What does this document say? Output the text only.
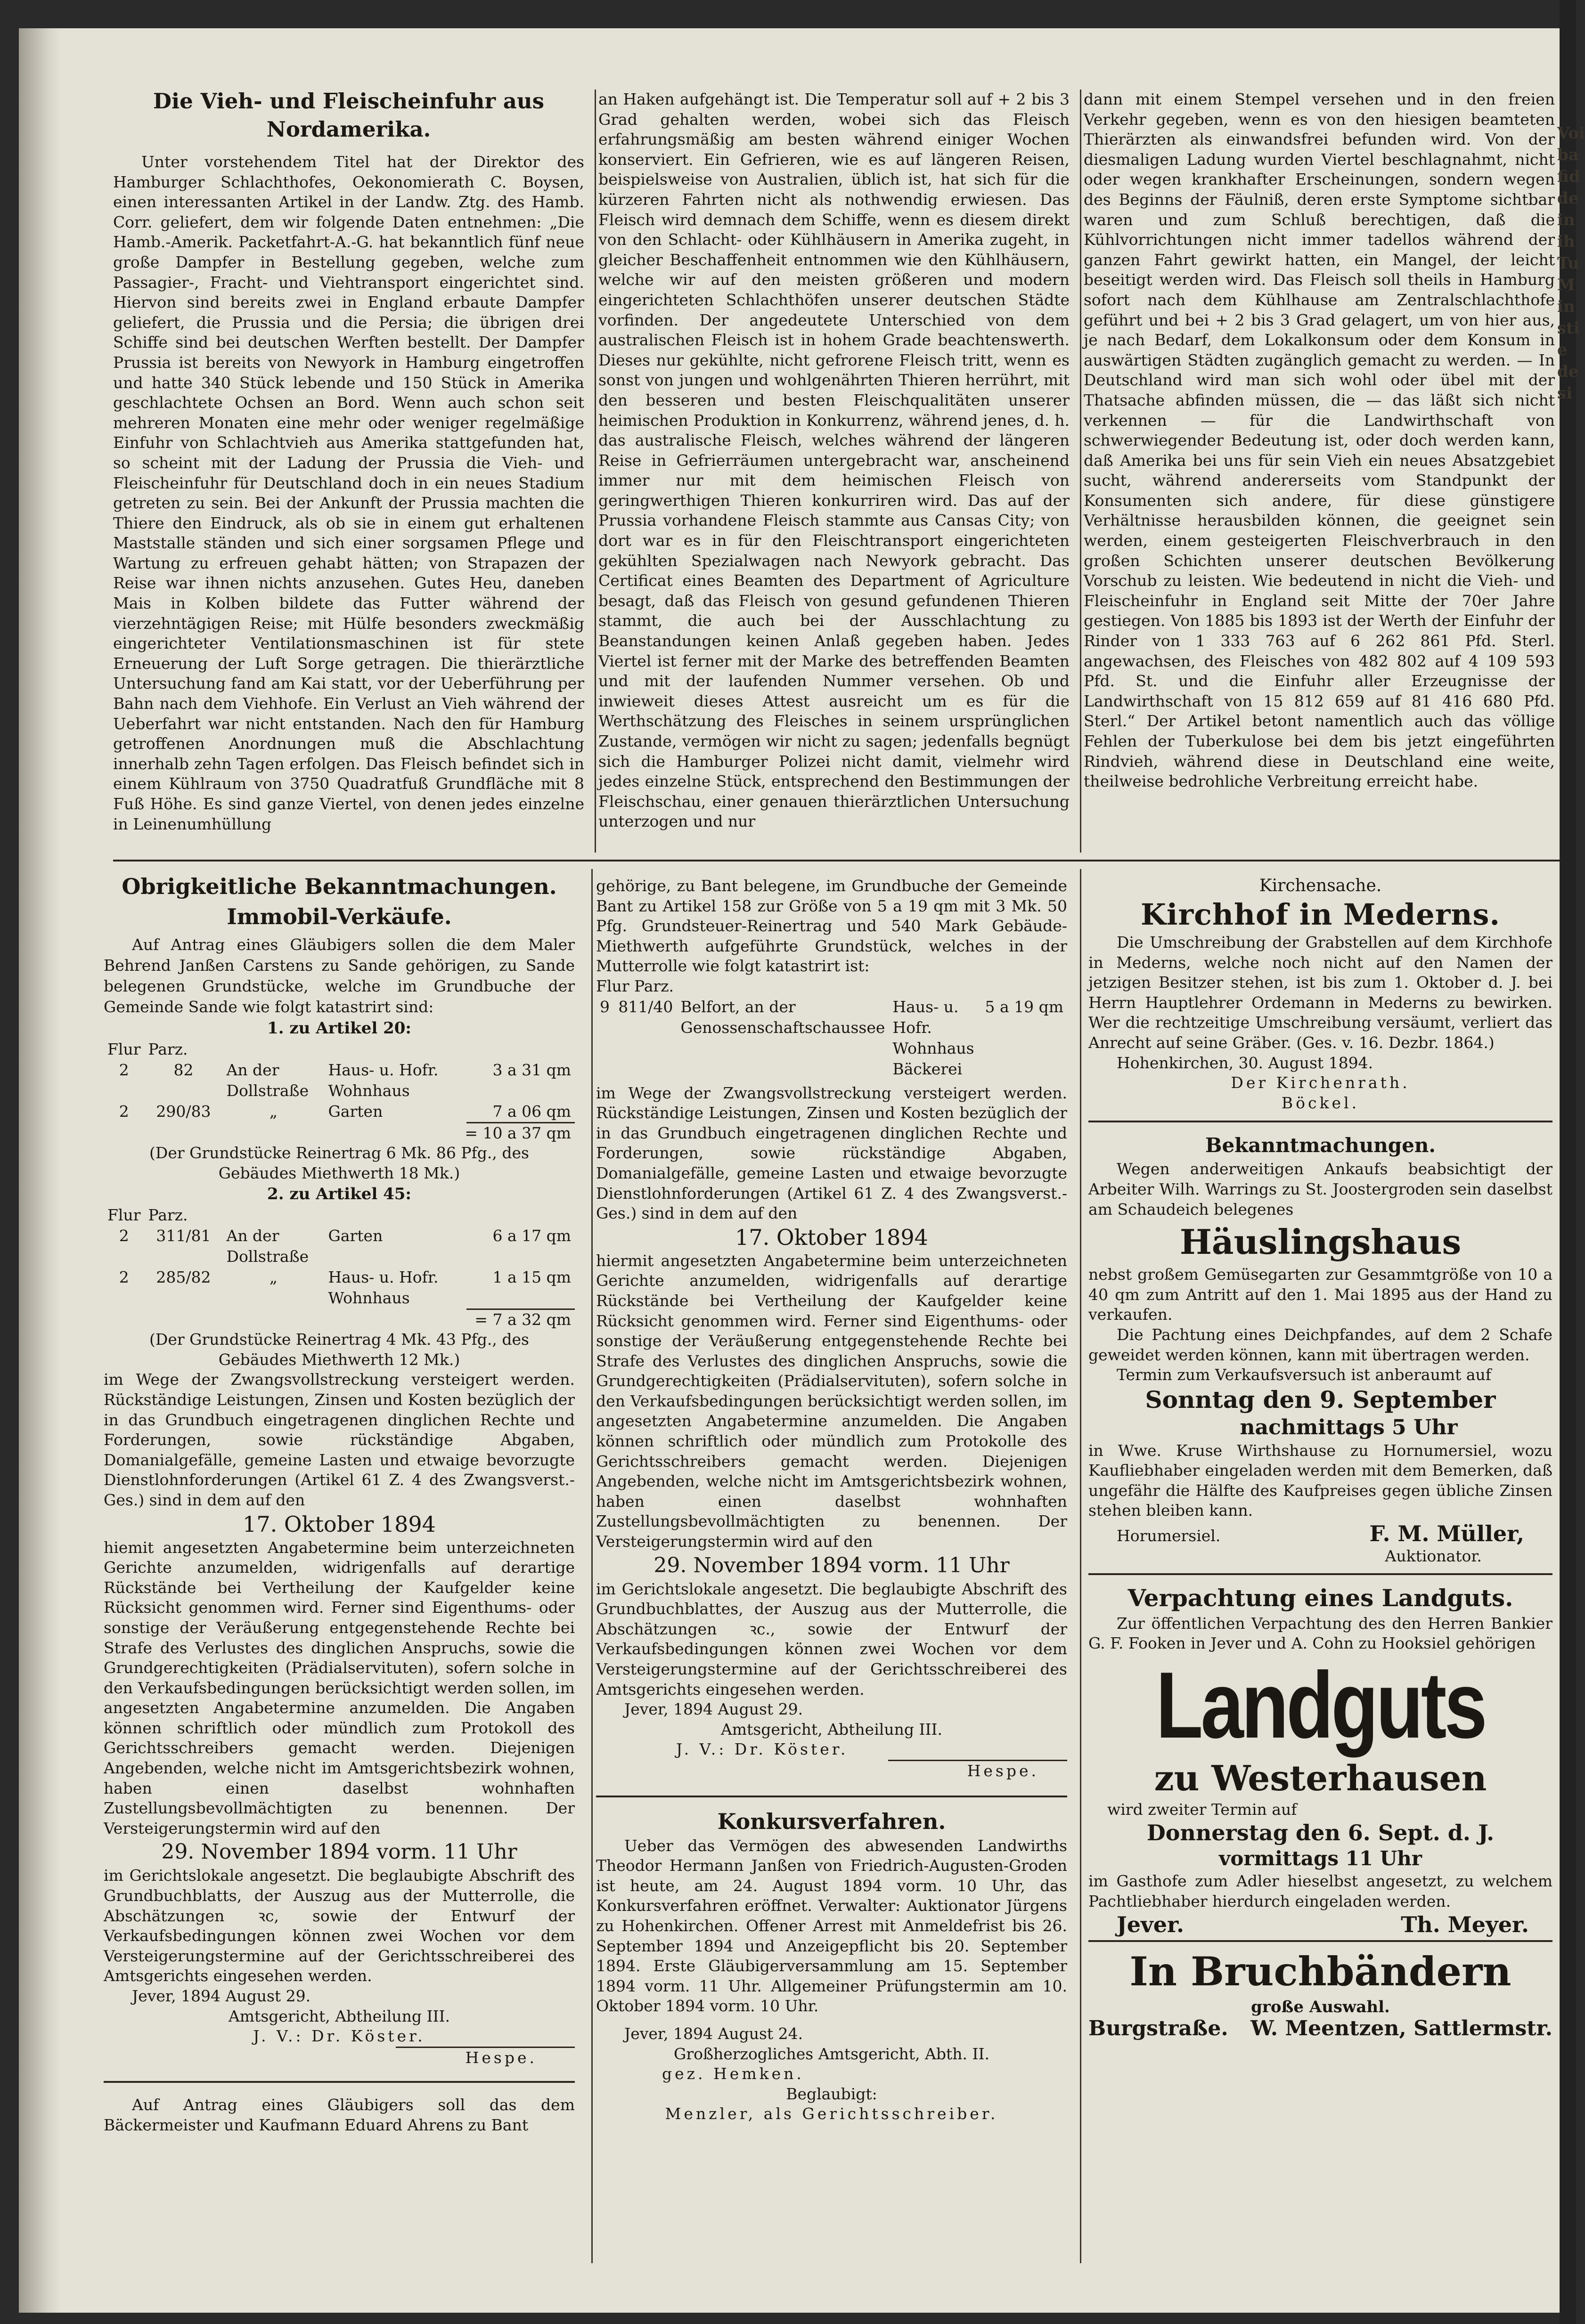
Die Vieh- und Fleischeinfuhr aus Nordamerika.

Unter vorstehendem Titel hat der Direktor des Hamburger Schlachthofes, Oekonomierath C. Boysen, einen interessanten Artikel in der Landw. Ztg. des Hamb. Corr. geliefert, dem wir folgende Daten entnehmen: „Die Hamb.-Amerik. Packetfahrt-A.-G. hat bekanntlich fünf neue große Dampfer in Bestellung gegeben, welche zum Passagier-, Fracht- und Viehtransport eingerichtet sind. Hiervon sind bereits zwei in England erbaute Dampfer geliefert, die Prussia und die Persia; die übrigen drei Schiffe sind bei deutschen Werften bestellt. Der Dampfer Prussia ist bereits von Newyork in Hamburg eingetroffen und hatte 340 Stück lebende und 150 Stück in Amerika geschlachtete Ochsen an Bord. Wenn auch schon seit mehreren Monaten eine mehr oder weniger regelmäßige Einfuhr von Schlachtvieh aus Amerika stattgefunden hat, so scheint mit der Ladung der Prussia die Vieh- und Fleischeinfuhr für Deutschland doch in ein neues Stadium getreten zu sein. Bei der Ankunft der Prussia machten die Thiere den Eindruck, als ob sie in einem gut erhaltenen Maststalle ständen und sich einer sorgsamen Pflege und Wartung zu erfreuen gehabt hätten; von Strapazen der Reise war ihnen nichts anzusehen. Gutes Heu, daneben Mais in Kolben bildete das Futter während der vierzehntägigen Reise; mit Hülfe besonders zweckmäßig eingerichteter Ventilationsmaschinen ist für stete Erneuerung der Luft Sorge getragen. Die thierärztliche Untersuchung fand am Kai statt, vor der Ueberführung per Bahn nach dem Viehhofe. Ein Verlust an Vieh während der Ueberfahrt war nicht entstanden. Nach den für Hamburg getroffenen Anordnungen muß die Abschlachtung innerhalb zehn Tagen erfolgen. Das Fleisch befindet sich in einem Kühlraum von 3750 Quadratfuß Grundfläche mit 8 Fuß Höhe. Es sind ganze Viertel, von denen jedes einzelne in Leinenumhüllung

an Haken aufgehängt ist. Die Temperatur soll auf + 2 bis 3 Grad gehalten werden, wobei sich das Fleisch erfahrungsmäßig am besten während einiger Wochen konserviert. Ein Gefrieren, wie es auf längeren Reisen, beispielsweise von Australien, üblich ist, hat sich für die kürzeren Fahrten nicht als nothwendig erwiesen. Das Fleisch wird demnach dem Schiffe, wenn es diesem direkt von den Schlacht- oder Kühlhäusern in Amerika zugeht, in gleicher Beschaffenheit entnommen wie den Kühlhäusern, welche wir auf den meisten größeren und modern eingerichteten Schlachthöfen unserer deutschen Städte vorfinden. Der angedeutete Unterschied von dem australischen Fleisch ist in hohem Grade beachtenswerth. Dieses nur gekühlte, nicht gefrorene Fleisch tritt, wenn es sonst von jungen und wohlgenährten Thieren herrührt, mit den besseren und besten Fleischqualitäten unserer heimischen Produktion in Konkurrenz, während jenes, d. h. das australische Fleisch, welches während der längeren Reise in Gefrierräumen untergebracht war, anscheinend immer nur mit dem heimischen Fleisch von geringwerthigen Thieren konkurriren wird. Das auf der Prussia vorhandene Fleisch stammte aus Cansas City; von dort war es in für den Fleischtransport eingerichteten gekühlten Spezialwagen nach Newyork gebracht. Das Certificat eines Beamten des Department of Agriculture besagt, daß das Fleisch von gesund gefundenen Thieren stammt, die auch bei der Ausschlachtung zu Beanstandungen keinen Anlaß gegeben haben. Jedes Viertel ist ferner mit der Marke des betreffenden Beamten und mit der laufenden Nummer versehen. Ob und inwieweit dieses Attest ausreicht um es für die Werthschätzung des Fleisches in seinem ursprünglichen Zustande, vermögen wir nicht zu sagen; jedenfalls begnügt sich die Hamburger Polizei nicht damit, vielmehr wird jedes einzelne Stück, entsprechend den Bestimmungen der Fleischschau, einer genauen thierärztlichen Untersuchung unterzogen und nur

dann mit einem Stempel versehen und in den freien Verkehr gegeben, wenn es von den hiesigen beamteten Thierärzten als einwandsfrei befunden wird. Von der diesmaligen Ladung wurden Viertel beschlagnahmt, nicht oder wegen krankhafter Erscheinungen, sondern wegen des Beginns der Fäulniß, deren erste Symptome sichtbar waren und zum Schluß berechtigen, daß die Kühlvorrichtungen nicht immer tadellos während der ganzen Fahrt gewirkt hatten, ein Mangel, der leicht beseitigt werden wird. Das Fleisch soll theils in Hamburg sofort nach dem Kühlhause am Zentralschlachthofe geführt und bei + 2 bis 3 Grad gelagert, um von hier aus, je nach Bedarf, dem Lokalkonsum oder dem Konsum in auswärtigen Städten zugänglich gemacht zu werden. — In Deutschland wird man sich wohl oder übel mit der Thatsache abfinden müssen, die — das läßt sich nicht verkennen — für die Landwirthschaft von schwerwiegender Bedeutung ist, oder doch werden kann, daß Amerika bei uns für sein Vieh ein neues Absatzgebiet sucht, während andererseits vom Standpunkt der Konsumenten sich andere, für diese günstigere Verhältnisse herausbilden können, die geeignet sein werden, einem gesteigerten Fleischverbrauch in den großen Schichten unserer deutschen Bevölkerung Vorschub zu leisten. Wie bedeutend in nicht die Vieh- und Fleischeinfuhr in England seit Mitte der 70er Jahre gestiegen. Von 1885 bis 1893 ist der Werth der Einfuhr der Rinder von 1 333 763 auf 6 262 861 Pfd. Sterl. angewachsen, des Fleisches von 482 802 auf 4 109 593 Pfd. St. und die Einfuhr aller Erzeugnisse der Landwirthschaft von 15 812 659 auf 81 416 680 Pfd. Sterl.“ Der Artikel betont namentlich auch das völlige Fehlen der Tuberkulose bei dem bis jetzt eingeführten Rindvieh, während diese in Deutschland eine weite, theilweise bedrohliche Verbreitung erreicht habe.

Voi
ba
fid
de
in
ih
Tu
M
in
sti
e
de
si

Obrigkeitliche Bekanntmachungen.

Immobil-Verkäufe.

Auf Antrag eines Gläubigers sollen die dem Maler Behrend Janßen Carstens zu Sande gehörigen, zu Sande belegenen Grundstücke, welche im Grundbuche der Gemeinde Sande wie folgt katastrirt sind:

1. zu Artikel 20:

Flur	Parz.			
2	82	An der Dollstraße	Haus- u. Hofr. Wohnhaus	3 a 31 qm
2	290/83	„	Garten	7 a 06 qm

= 10 a 37 qm

(Der Grundstücke Reinertrag 6 Mk. 86 Pfg., des Gebäudes Miethwerth 18 Mk.)

2. zu Artikel 45:

Flur	Parz.			
2	311/81	An der Dollstraße	Garten	6 a 17 qm
2	285/82	„	Haus- u. Hofr. Wohnhaus	1 a 15 qm

= 7 a 32 qm

(Der Grundstücke Reinertrag 4 Mk. 43 Pfg., des Gebäudes Miethwerth 12 Mk.)

im Wege der Zwangsvollstreckung versteigert werden. Rückständige Leistungen, Zinsen und Kosten bezüglich der in das Grundbuch eingetragenen dinglichen Rechte und Forderungen, sowie rückständige Abgaben, Domanialgefälle, gemeine Lasten und etwaige bevorzugte Dienstlohnforderungen (Artikel 61 Z. 4 des Zwangsverst.-Ges.) sind in dem auf den

17. Oktober 1894

hiemit angesetzten Angabetermine beim unterzeichneten Gerichte anzumelden, widrigenfalls auf derartige Rückstände bei Vertheilung der Kaufgelder keine Rücksicht genommen wird. Ferner sind Eigenthums- oder sonstige der Veräußerung entgegenstehende Rechte bei Strafe des Verlustes des dinglichen Anspruchs, sowie die Grundgerechtigkeiten (Prädialservituten), sofern solche in den Verkaufsbedingungen berücksichtigt werden sollen, im angesetzten Angabetermine anzumelden. Die Angaben können schriftlich oder mündlich zum Protokoll des Gerichtsschreibers gemacht werden. Diejenigen Angebenden, welche nicht im Amtsgerichtsbezirk wohnen, haben einen daselbst wohnhaften Zustellungsbevollmächtigten zu benennen. Der Versteigerungstermin wird auf den

29. November 1894 vorm. 11 Uhr

im Gerichtslokale angesetzt. Die beglaubigte Abschrift des Grundbuchblatts, der Auszug aus der Mutterrolle, die Abschätzungen ꝛc, sowie der Entwurf der Verkaufsbedingungen können zwei Wochen vor dem Versteigerungstermine auf der Gerichtsschreiberei des Amtsgerichts eingesehen werden.

Jever, 1894 August 29.

Amtsgericht, Abtheilung III.

J. V.: Dr. Köster.

Hespe.

Auf Antrag eines Gläubigers soll das dem Bäckermeister und Kaufmann Eduard Ahrens zu Bant

gehörige, zu Bant belegene, im Grundbuche der Gemeinde Bant zu Artikel 158 zur Größe von 5 a 19 qm mit 3 Mk. 50 Pfg. Grundsteuer-Reinertrag und 540 Mark Gebäude-Miethwerth aufgeführte Grundstück, welches in der Mutterrolle wie folgt katastrirt ist:

Flur Parz.

9	811/40	Belfort, an der Genossenschaftschaussee	Haus- u. Hofr. Wohnhaus Bäckerei	5 a 19 qm

im Wege der Zwangsvollstreckung versteigert werden. Rückständige Leistungen, Zinsen und Kosten bezüglich der in das Grundbuch eingetragenen dinglichen Rechte und Forderungen, sowie rückständige Abgaben, Domanialgefälle, gemeine Lasten und etwaige bevorzugte Dienstlohnforderungen (Artikel 61 Z. 4 des Zwangsverst.-Ges.) sind in dem auf den

17. Oktober 1894

hiermit angesetzten Angabetermine beim unterzeichneten Gerichte anzumelden, widrigenfalls auf derartige Rückstände bei Vertheilung der Kaufgelder keine Rücksicht genommen wird. Ferner sind Eigenthums- oder sonstige der Veräußerung entgegenstehende Rechte bei Strafe des Verlustes des dinglichen Anspruchs, sowie die Grundgerechtigkeiten (Prädialservituten), sofern solche in den Verkaufsbedingungen berücksichtigt werden sollen, im angesetzten Angabetermine anzumelden. Die Angaben können schriftlich oder mündlich zum Protokolle des Gerichtsschreibers gemacht werden. Diejenigen Angebenden, welche nicht im Amtsgerichtsbezirk wohnen, haben einen daselbst wohnhaften Zustellungsbevollmächtigten zu benennen. Der Versteigerungstermin wird auf den

29. November 1894 vorm. 11 Uhr

im Gerichtslokale angesetzt. Die beglaubigte Abschrift des Grundbuchblattes, der Auszug aus der Mutterrolle, die Abschätzungen ꝛc., sowie der Entwurf der Verkaufsbedingungen können zwei Wochen vor dem Versteigerungstermine auf der Gerichtsschreiberei des Amtsgerichts eingesehen werden.

Jever, 1894 August 29.

Amtsgericht, Abtheilung III.

J. V.: Dr. Köster.

Hespe.

Konkursverfahren.

Ueber das Vermögen des abwesenden Landwirths Theodor Hermann Janßen von Friedrich-Augusten-Groden ist heute, am 24. August 1894 vorm. 10 Uhr, das Konkursverfahren eröffnet. Verwalter: Auktionator Jürgens zu Hohenkirchen. Offener Arrest mit Anmeldefrist bis 26. September 1894 und Anzeigepflicht bis 20. September 1894. Erste Gläubigerversammlung am 15. September 1894 vorm. 11 Uhr. Allgemeiner Prüfungstermin am 10. Oktober 1894 vorm. 10 Uhr.

Jever, 1894 August 24.

Großherzogliches Amtsgericht, Abth. II.

gez. Hemken.

Beglaubigt:

Menzler, als Gerichtsschreiber.

Kirchensache.

Kirchhof in Mederns.

Die Umschreibung der Grabstellen auf dem Kirchhofe in Mederns, welche noch nicht auf den Namen der jetzigen Besitzer stehen, ist bis zum 1. Oktober d. J. bei Herrn Hauptlehrer Ordemann in Mederns zu bewirken. Wer die rechtzeitige Umschreibung versäumt, verliert das Anrecht auf seine Gräber. (Ges. v. 16. Dezbr. 1864.)

Hohenkirchen, 30. August 1894.

Der Kirchenrath.

Böckel.

Bekanntmachungen.

Wegen anderweitigen Ankaufs beabsichtigt der Arbeiter Wilh. Warrings zu St. Joostergroden sein daselbst am Schaudeich belegenes

Häuslingshaus

nebst großem Gemüsegarten zur Gesammtgröße von 10 a 40 qm zum Antritt auf den 1. Mai 1895 aus der Hand zu verkaufen.

Die Pachtung eines Deichpfandes, auf dem 2 Schafe geweidet werden können, kann mit übertragen werden.

Termin zum Verkaufsversuch ist anberaumt auf

Sonntag den 9. September

nachmittags 5 Uhr

in Wwe. Kruse Wirthshause zu Hornumersiel, wozu Kaufliebhaber eingeladen werden mit dem Bemerken, daß ungefähr die Hälfte des Kaufpreises gegen übliche Zinsen stehen bleiben kann.

Horumersiel.	F. M. Müller,

Auktionator.

Verpachtung eines Landguts.

Zur öffentlichen Verpachtung des den Herren Bankier G. F. Fooken in Jever und A. Cohn zu Hooksiel gehörigen

Landguts

zu Westerhausen

wird zweiter Termin auf

Donnerstag den 6. Sept. d. J.

vormittags 11 Uhr

im Gasthofe zum Adler hieselbst angesetzt, zu welchem Pachtliebhaber hierdurch eingeladen werden.

Jever.	Th. Meyer.

In Bruchbändern

große Auswahl.

Burgstraße. W. Meentzen, Sattlermstr.
